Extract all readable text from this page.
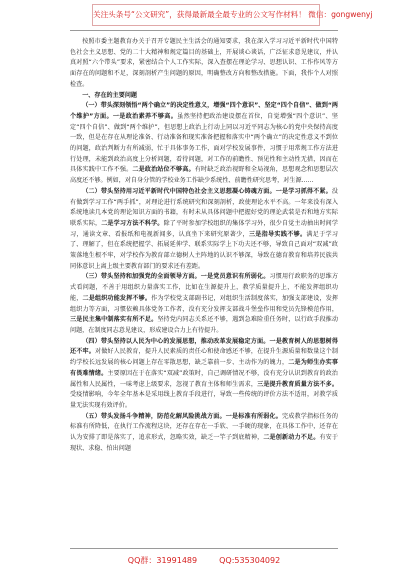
关注头条号“公文研究”，获得最新最全最专业的公文写作材料！ 微信：gongwenyj

按照市委主题教育办关于召开专题民主生活会的通知要求，我在深入学习习近平新时代中国特色社会主义思想、党的二十大精神和规定篇目的基础上，开展谈心谈话，广泛征求意见建议，并认真对照“六个带头”要求，紧密结合个人工作实际，深入查摆在理论学习、思想认识、工作作风等方面存在的问题和不足，深刻剖析产生问题的原因，明确整改方向和整改措施。下面，我作个人对照检查。

一、存在的主要问题

（一）带头深刻领悟“两个确立”的决定性意义，增强“四个意识”、坚定“四个自信”、做到“两个维护”方面。一是政治素养不够高。虽然坚持把政治建设摆在首位，自觉增强“四个意识”、坚定“四个自信”、做到“两个维护”，但思想上政治上行动上同以习近平同志为核心的党中央保持高度一致，但是在存在从理论准备、行动准备和现实准备把握和落实中“两个确立”的决定性意义不到位的问题，政治判断力有所减弱，忙于具体事务工作，面对学校发展事件，习惯于用常规工作方法进行处理，未能到政治高度上分析问题，看待问题，对工作的前瞻性、预见性和主动性无措，因而在具体实践中工作不强。二是政治站位不够高。有时缺乏政治视野和全局视角，思想观念和思想层次高度还不够。例如，对自身分管的学校业务工作缺少系统性、前瞻性研究思考，对生源……

（二）带头坚持用习近平新时代中国特色社会主义思想凝心铸魂方面。一是学习抓得不紧。没有做到学习工作“两手抓”，对理论进行系统研究和深刻剖析，政使理论水平不高。一年来没有深入系统地读几本党的理论知识方面的书籍，有时未从具体问题中把握好党的理论武装是否和地方实际联系实际，二是学习方法不科学。除了平时参加学校组织的集体学习外，很少自觉主动抽出时间学习，通读文章、看报纸和电视新闻多，认真坐下来研究原著少，三是指导实践不够。满足于学习了、理解了，但在系统把握学、拓展延伸学、联系实际学上下功夫还不够，导致自己面对“双减”政策落地生根不牢，对学校作为教育部立德树人主阵地的认识不够深，导致在德育教育和培养民族共同体意识上离上级主要教育部门的要求还有差距。

（三）带头坚持和加强党的全面领导方面。一是党员意识有所弱化。习惯用行政职务的思维方式看问题，不善于用组织力量落实工作，比如在生源提升上，教学质量提升上，不能发挥组织功能，二是组织功能发挥不够。作为学校党支部副书记，对组织生活制度落实，加强支部建设，发挥组织力等方面，习惯依赖具体党务工作者，没有充分发挥支部战斗堡垒作用和党员先锋模范作用，三是民主集中制落实有所不足。坚持党内同志关系还不够，遇到急难险重任务时，以行政手段推动问题，在制度同志意见建议，形成建设合力上有待提升。

（四）带头坚持以人民为中心的发展思想，推动改革发展稳定方面。一是教育树人的思想树得还不牢。对做好人民教育，提升人民素质的责任心和使命感还不够，在提升生源质量和数量这个制约学校长远发展的核心问题上存在零散思想，缺乏靠前一步、主动作为的魄力，二是为师生办实事有畏难情绪。主要原因在于在落实“双减”政策时，自己调研情况不够，没有充分认识到教育的政治属性和人民属性，一味考虑上级要求，忽视了教育主体和师生需求，三是提升教育质量方法不多。受疫情影响，今年全年基本是采用线上教育手段进行，导致一些传统的评价方法不适用，对教学质量无法实现有效评价。

（五）带头发扬斗争精神，防范化解风险挑战方面。一是标准有所弱化。完成教学指标任务的标准有所降低，在执行工作流程这块，还存在存在一手软、一手硬的现象，在具体工作中，还存在认为安排了即是落实了，追求形式，忽略实效，缺乏一竿子到底精神，二是创新动力不足。有安于现状、求稳、怕出问题

QQ群：31991489	QQ:535304092
